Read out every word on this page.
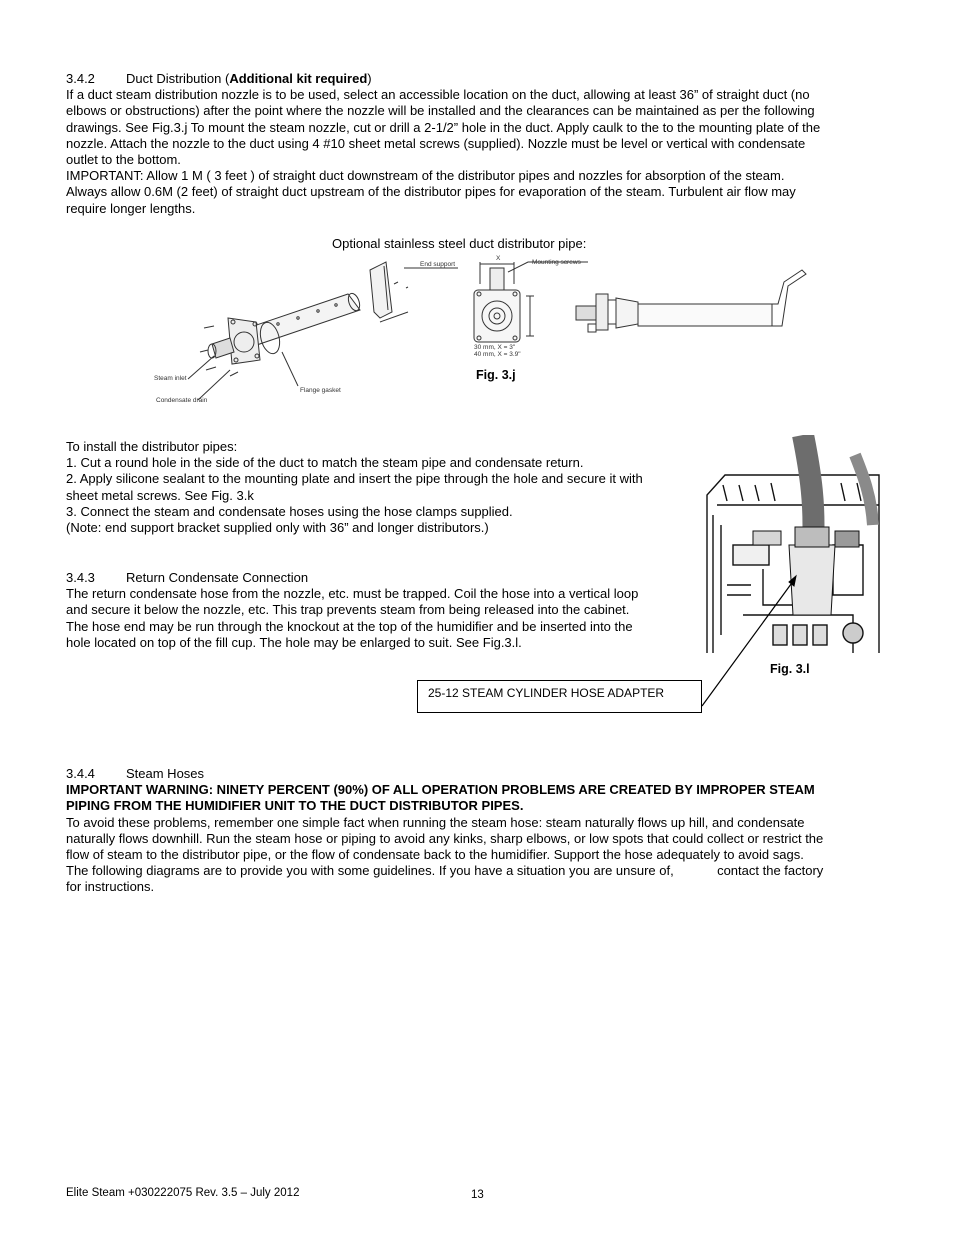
3.4.2 Duct Distribution (Additional kit required)

If a duct steam distribution nozzle is to be used, select an accessible location on the duct, allowing at least 36” of straight duct (no

elbows or obstructions) after the point where the nozzle will be installed and the clearances can be maintained as per the following

drawings. See Fig.3.j To mount the steam nozzle, cut or drill a 2-1/2” hole in the duct. Apply caulk to the to the mounting plate of the

nozzle. Attach the nozzle to the duct using 4 #10 sheet metal screws (supplied). Nozzle must be level or vertical with condensate

outlet to the bottom.

IMPORTANT: Allow 1 M ( 3 feet ) of straight duct downstream of the distributor pipes and nozzles for absorption of the steam.

Always allow 0.6M (2 feet) of straight duct upstream of the distributor pipes for evaporation of the steam. Turbulent air flow may

require longer lengths.

Optional stainless steel duct distributor pipe:
End support	Mounting screws
Steam inlet
Condensate drain
Flange gasket
X
30 mm, X = 3"
40 mm, X = 3.9"
Fig. 3.j

To install the distributor pipes:

1. Cut a round hole in the side of the duct to match the steam pipe and condensate return.

2. Apply silicone sealant to the mounting plate and insert the pipe through the hole and secure it with

sheet metal screws. See Fig. 3.k

3. Connect the steam and condensate hoses using the hose clamps supplied.

(Note: end support bracket supplied only with 36” and longer distributors.)

3.4.3 Return Condensate Connection

The return condensate hose from the nozzle, etc. must be trapped. Coil the hose into a vertical loop

and secure it below the nozzle, etc. This trap prevents steam from being released into the cabinet.

The hose end may be run through the knockout at the top of the humidifier and be inserted into the

hole located on top of the fill cup. The hole may be enlarged to suit. See Fig.3.l.

Fig. 3.l
25-12 STEAM CYLINDER HOSE ADAPTER

3.4.4 Steam Hoses

IMPORTANT WARNING: NINETY PERCENT (90%) OF ALL OPERATION PROBLEMS ARE CREATED BY IMPROPER STEAM

PIPING FROM THE HUMIDIFIER UNIT TO THE DUCT DISTRIBUTOR PIPES.

To avoid these problems, remember one simple fact when running the steam hose: steam naturally flows up hill, and condensate

naturally flows downhill. Run the steam hose or piping to avoid any kinks, sharp elbows, or low spots that could collect or restrict the

flow of steam to the distributor pipe, or the flow of condensate back to the humidifier. Support the hose adequately to avoid sags.

The following diagrams are to provide you with some guidelines. If you have a situation you are unsure of,            contact the factory

for instructions.

Elite Steam +030222075 Rev. 3.5 – July 2012	13
